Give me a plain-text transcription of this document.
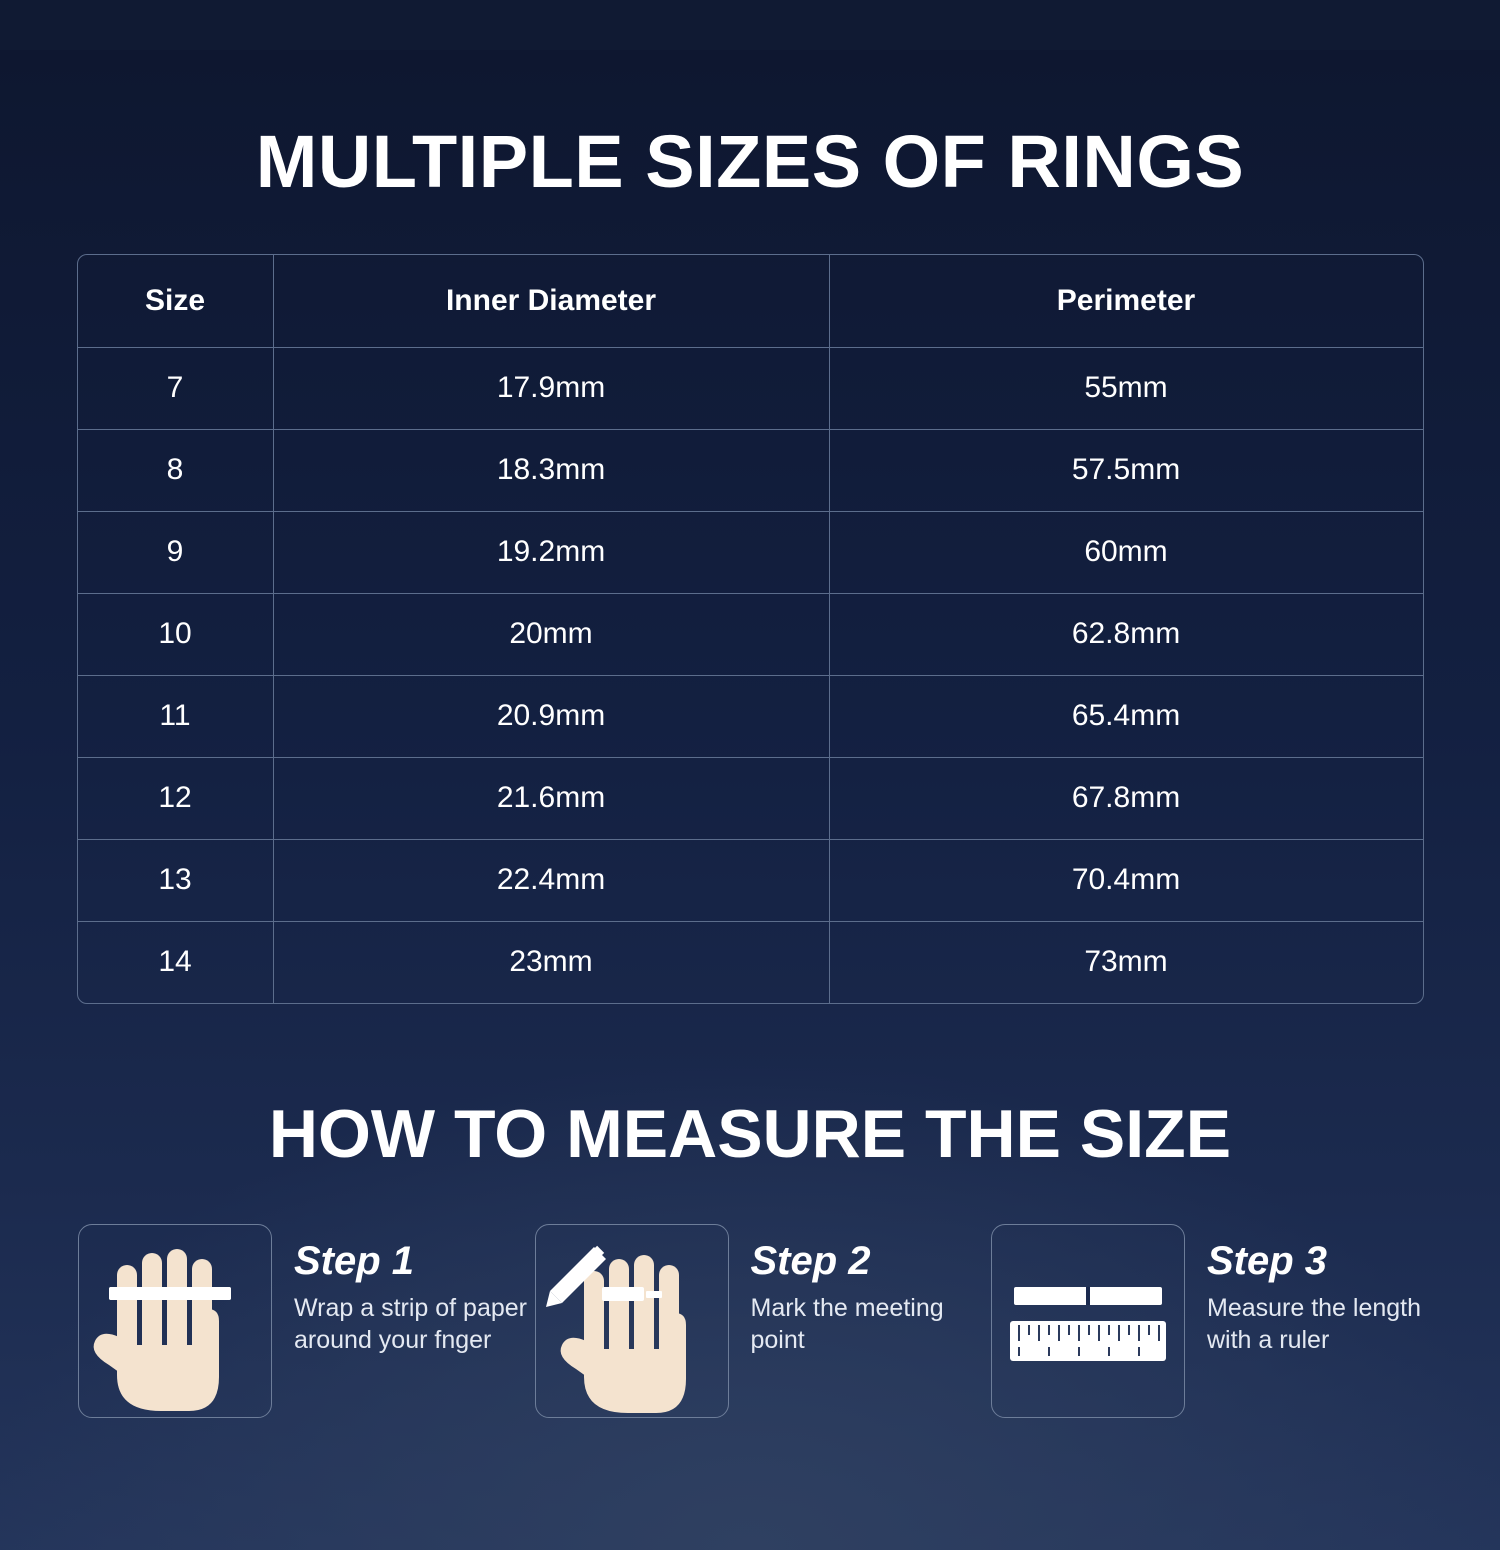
MULTIPLE SIZES OF RINGS
Size	Inner Diameter	Perimeter
7	17.9mm	55mm
8	18.3mm	57.5mm
9	19.2mm	60mm
10	20mm	62.8mm
11	20.9mm	65.4mm
12	21.6mm	67.8mm
13	22.4mm	70.4mm
14	23mm	73mm
HOW TO MEASURE THE SIZE
Step 1
Wrap a strip of paper around your fnger
Step 2
Mark the meeting point
Step 3
Measure the length with a ruler
